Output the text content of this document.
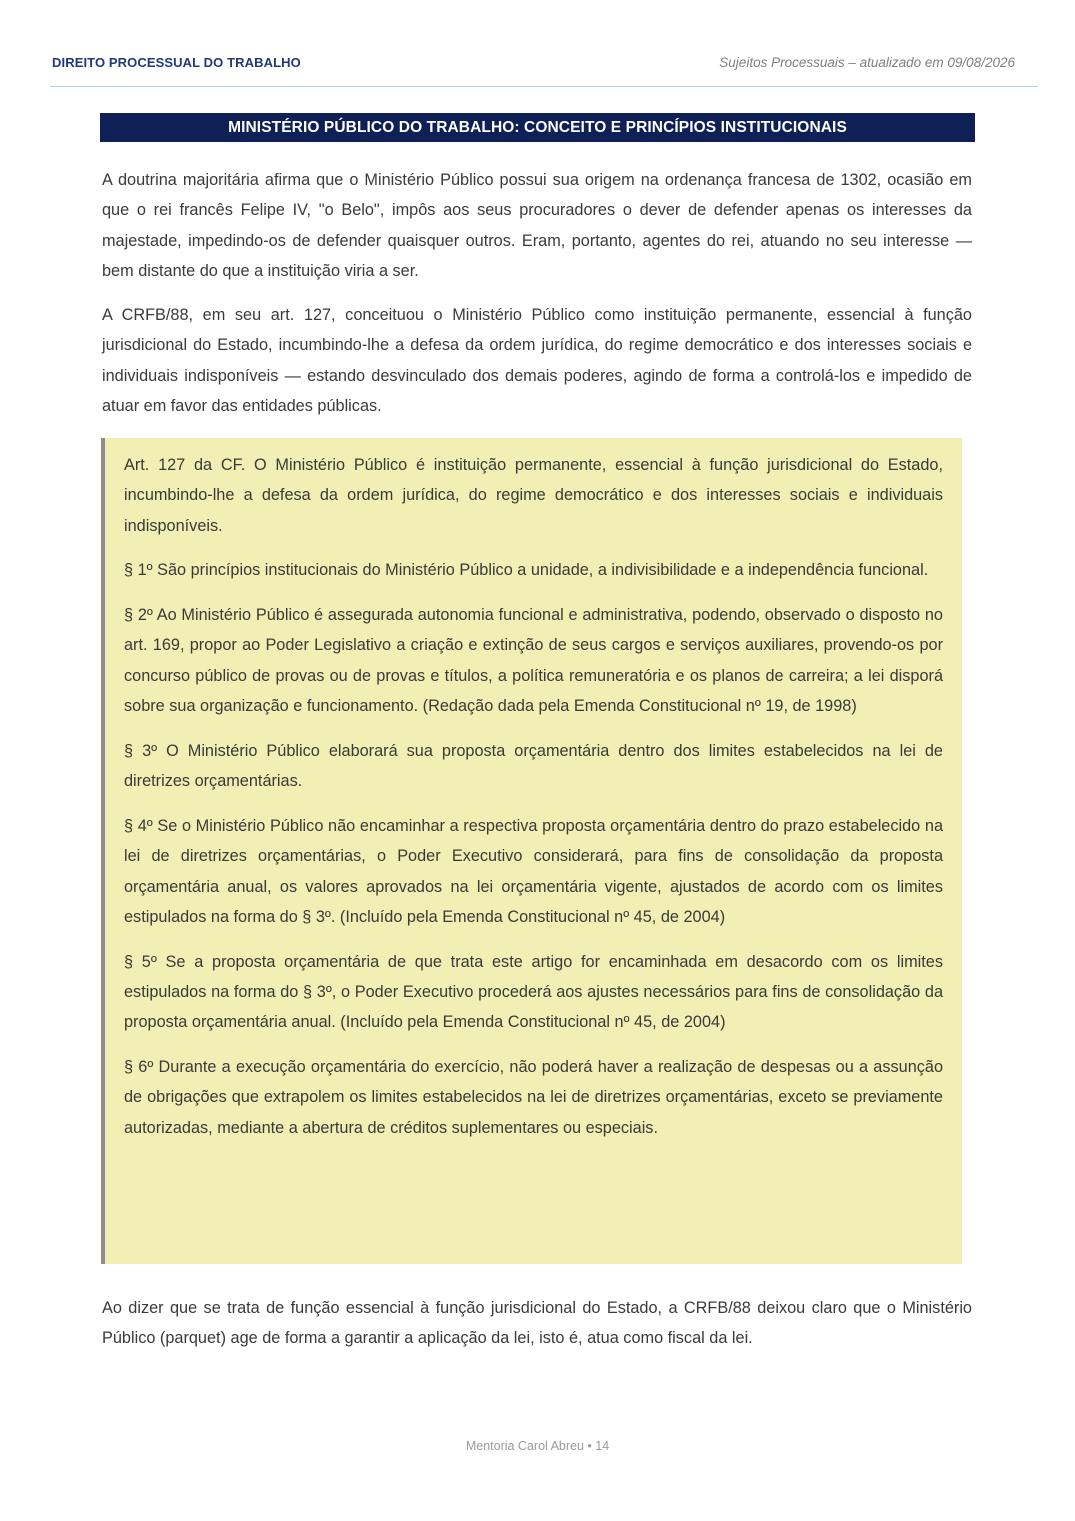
DIREITO PROCESSUAL DO TRABALHO	Sujeitos Processuais – atualizado em 09/08/2026
MINISTÉRIO PÚBLICO DO TRABALHO: CONCEITO E PRINCÍPIOS INSTITUCIONAIS

A doutrina majoritária afirma que o Ministério Público possui sua origem na ordenança francesa de 1302, ocasião em que o rei francês Felipe IV, "o Belo", impôs aos seus procuradores o dever de defender apenas os interesses da majestade, impedindo-os de defender quaisquer outros. Eram, portanto, agentes do rei, atuando no seu interesse — bem distante do que a instituição viria a ser.

A CRFB/88, em seu art. 127, conceituou o Ministério Público como instituição permanente, essencial à função jurisdicional do Estado, incumbindo-lhe a defesa da ordem jurídica, do regime democrático e dos interesses sociais e individuais indisponíveis — estando desvinculado dos demais poderes, agindo de forma a controlá-los e impedido de atuar em favor das entidades públicas.

Art. 127 da CF. O Ministério Público é instituição permanente, essencial à função jurisdicional do Estado, incumbindo-lhe a defesa da ordem jurídica, do regime democrático e dos interesses sociais e individuais indisponíveis.

§ 1º São princípios institucionais do Ministério Público a unidade, a indivisibilidade e a independência funcional.

§ 2º Ao Ministério Público é assegurada autonomia funcional e administrativa, podendo, observado o disposto no art. 169, propor ao Poder Legislativo a criação e extinção de seus cargos e serviços auxiliares, provendo-os por concurso público de provas ou de provas e títulos, a política remuneratória e os planos de carreira; a lei disporá sobre sua organização e funcionamento. (Redação dada pela Emenda Constitucional nº 19, de 1998)

§ 3º O Ministério Público elaborará sua proposta orçamentária dentro dos limites estabelecidos na lei de diretrizes orçamentárias.

§ 4º Se o Ministério Público não encaminhar a respectiva proposta orçamentária dentro do prazo estabelecido na lei de diretrizes orçamentárias, o Poder Executivo considerará, para fins de consolidação da proposta orçamentária anual, os valores aprovados na lei orçamentária vigente, ajustados de acordo com os limites estipulados na forma do § 3º. (Incluído pela Emenda Constitucional nº 45, de 2004)

§ 5º Se a proposta orçamentária de que trata este artigo for encaminhada em desacordo com os limites estipulados na forma do § 3º, o Poder Executivo procederá aos ajustes necessários para fins de consolidação da proposta orçamentária anual. (Incluído pela Emenda Constitucional nº 45, de 2004)

§ 6º Durante a execução orçamentária do exercício, não poderá haver a realização de despesas ou a assunção de obrigações que extrapolem os limites estabelecidos na lei de diretrizes orçamentárias, exceto se previamente autorizadas, mediante a abertura de créditos suplementares ou especiais.

Ao dizer que se trata de função essencial à função jurisdicional do Estado, a CRFB/88 deixou claro que o Ministério Público (parquet) age de forma a garantir a aplicação da lei, isto é, atua como fiscal da lei.

Mentoria Carol Abreu • 14
